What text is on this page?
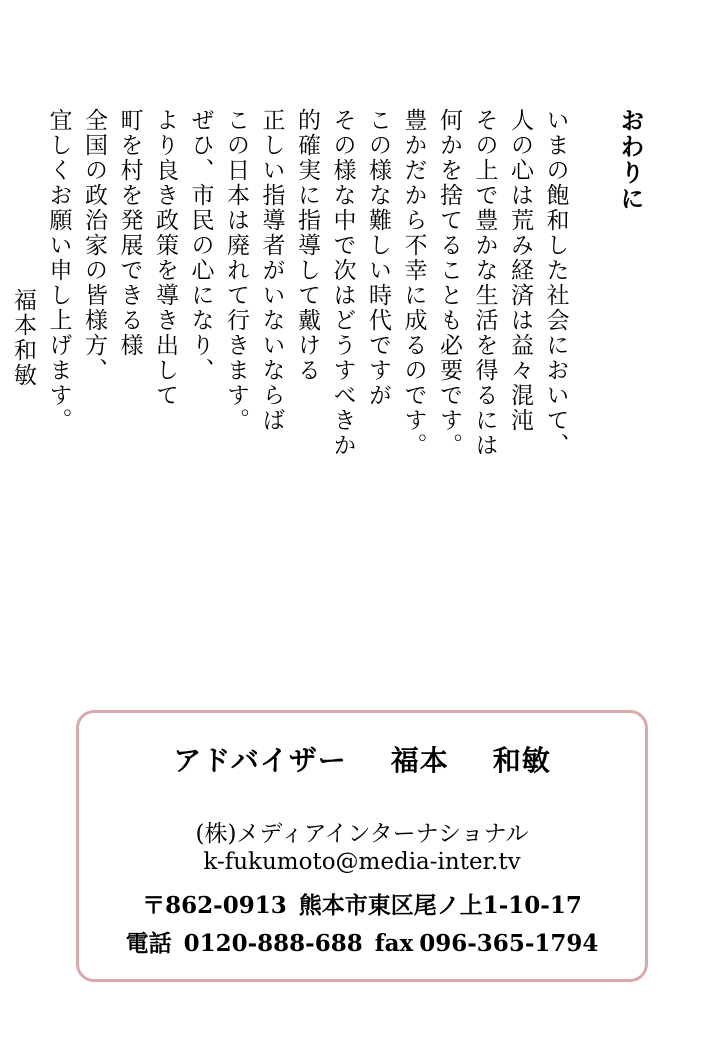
おわりに
いまの飽和した社会において、
人の心は荒み経済は益々混沌
その上で豊かな生活を得るには
何かを捨てることも必要です。
豊かだから不幸に成るのです。
この様な難しい時代ですが
その様な中で次はどうすべきか
的確実に指導して戴ける
正しい指導者がいないならば
この日本は廃れて行きます。
ぜひ、市民の心になり、
より良き政策を導き出して
町を村を発展できる様
全国の政治家の皆様方、
宜しくお願い申し上げます。
福本和敏
アドバイザー 福本 和敏
(株)メディアインターナショナル
k-fukumoto@media-inter.tv
〒862-0913 熊本市東区尾ノ上1-10-17
電話 0120-888-688 fax 096-365-1794
